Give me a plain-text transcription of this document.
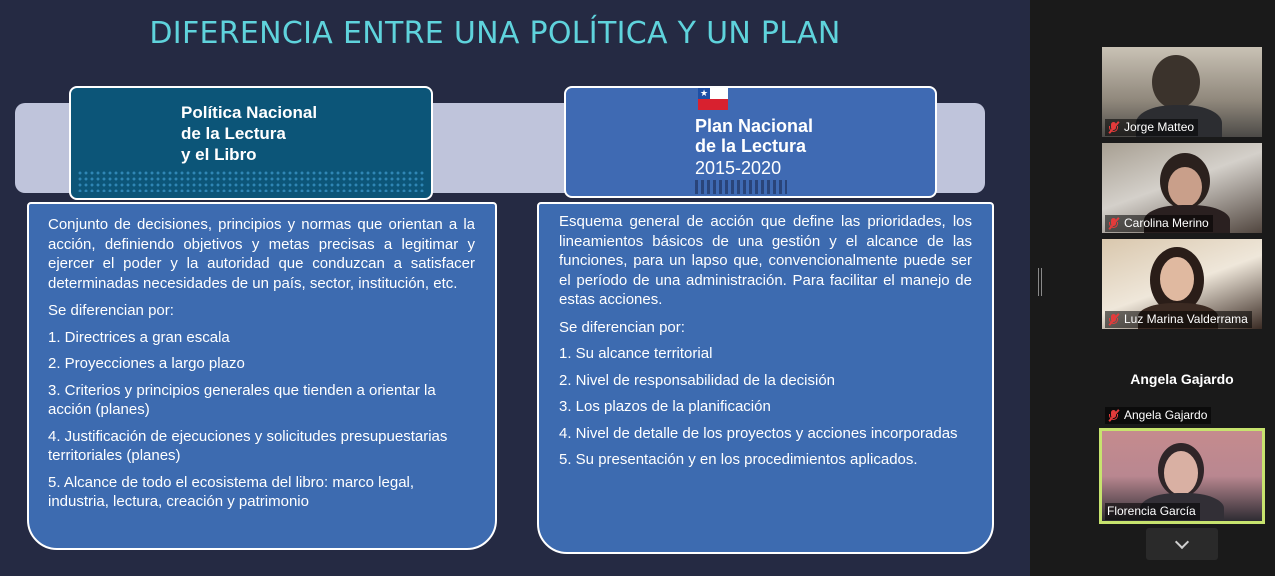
DIFERENCIA ENTRE UNA POLÍTICA Y UN PLAN
Política Nacional
de la Lectura
y el Libro
★
Plan Nacional
de la Lectura
2015-2020
Conjunto de decisiones, principios y normas que orientan a la acción, definiendo objetivos y metas precisas a legitimar y ejercer el poder y la autoridad que conduzcan a satisfacer determinadas necesidades de un país, sector, institución, etc.
Se diferencian por:
1. Directrices a gran escala
2. Proyecciones a largo plazo
3. Criterios y principios generales que tienden a orientar la acción (planes)
4. Justificación de ejecuciones y solicitudes presupuestarias territoriales (planes)
5. Alcance de todo el ecosistema del libro: marco legal, industria, lectura, creación y patrimonio
Esquema general de acción que define las prioridades, los lineamientos básicos de una gestión y el alcance de las funciones, para un lapso que, convencionalmente puede ser el período de una administración. Para facilitar el manejo de estas acciones.
Se diferencian por:
1. Su alcance territorial
2. Nivel de responsabilidad de la decisión
3. Los plazos de la planificación
4. Nivel de detalle de los proyectos y acciones incorporadas
5. Su presentación y en los procedimientos aplicados.
Jorge Matteo
Carolina Merino
Luz Marina Valderrama
Angela Gajardo
Angela Gajardo
Florencia García
